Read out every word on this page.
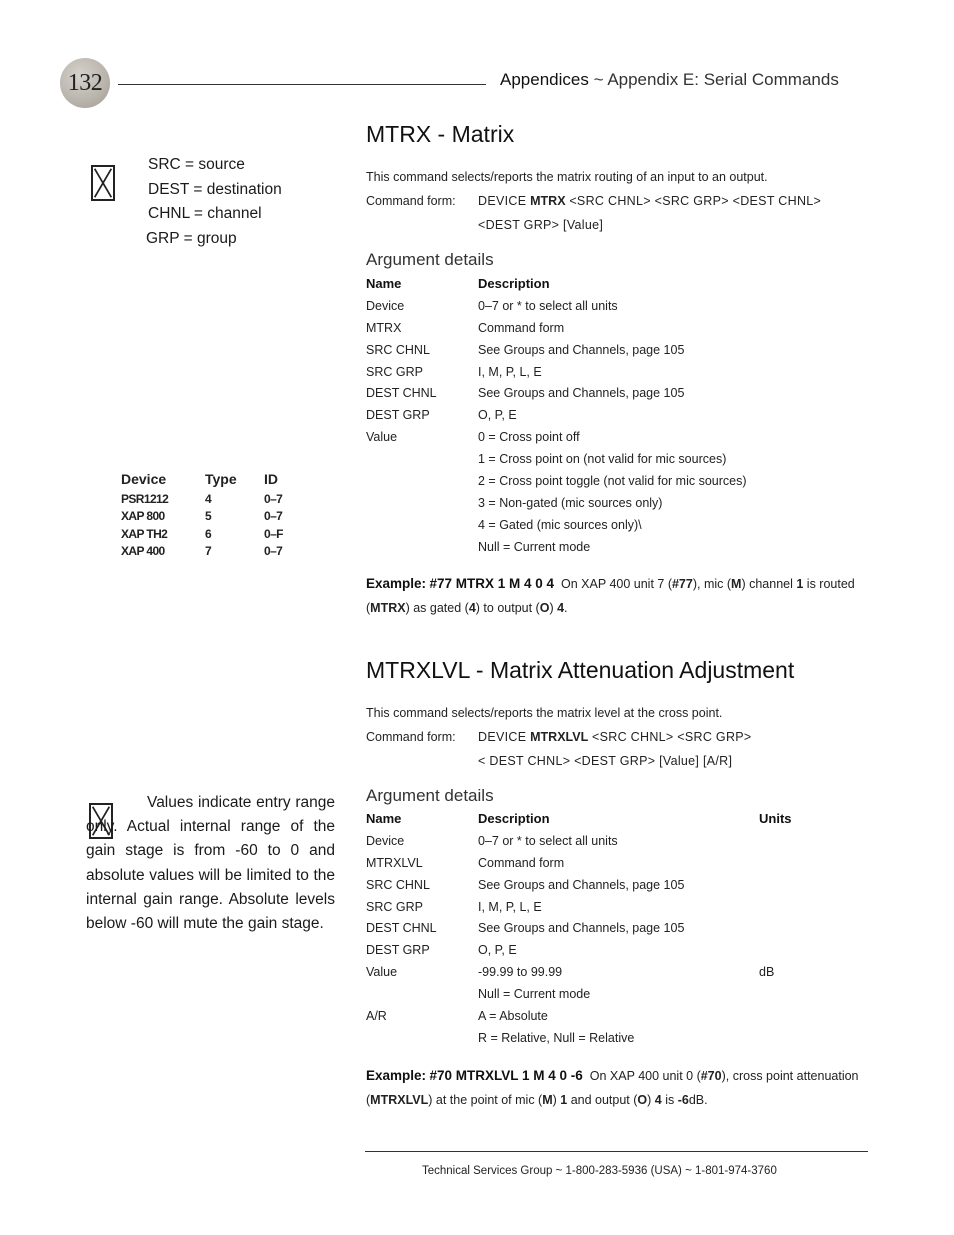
132	Appendices ~ Appendix E: Serial Commands
SRC = source
DEST = destination
CHNL = channel
GRP = group
Device	Type	ID
PSR1212	4	0–7
XAP 800	5	0–7
XAP TH2	6	0–F
XAP 400	7	0–7
Values indicate entry range only. Actual internal range of the gain stage is from -60 to 0 and absolute values will be limited to the internal gain range. Absolute levels below -60 will mute the gain stage.
MTRX - Matrix
This command selects/reports the matrix routing of an input to an output.
Command form: DEVICE MTRX <SRC CHNL> <SRC GRP> <DEST CHNL>
<DEST GRP> [Value]
Argument details
Name	Description
Device	0–7 or * to select all units
MTRX	Command form
SRC CHNL	See Groups and Channels, page 105
SRC GRP	I, M, P, L, E
DEST CHNL	See Groups and Channels, page 105
DEST GRP	O, P, E
Value	0 = Cross point off
1 = Cross point on (not valid for mic sources)
2 = Cross point toggle (not valid for mic sources)
3 = Non-gated (mic sources only)
4 = Gated (mic sources only)\
Null = Current mode
Example: #77 MTRX 1 M 4 0 4 On XAP 400 unit 7 (#77), mic (M) channel 1 is routed (MTRX) as gated (4) to output (O) 4.
MTRXLVL - Matrix Attenuation Adjustment
This command selects/reports the matrix level at the cross point.
Command form: DEVICE MTRXLVL <SRC CHNL> <SRC GRP>
< DEST CHNL> <DEST GRP> [Value] [A/R]
Argument details
Name	Description	Units
Device	0–7 or * to select all units
MTRXLVL	Command form
SRC CHNL	See Groups and Channels, page 105
SRC GRP	I, M, P, L, E
DEST CHNL	See Groups and Channels, page 105
DEST GRP	O, P, E
Value	-99.99 to 99.99	dB
Null = Current mode
A/R	A = Absolute
R = Relative, Null = Relative
Example: #70 MTRXLVL 1 M 4 0 -6 On XAP 400 unit 0 (#70), cross point attenuation (MTRXLVL) at the point of mic (M) 1 and output (O) 4 is -6dB.
Technical Services Group ~ 1-800-283-5936 (USA) ~ 1-801-974-3760
